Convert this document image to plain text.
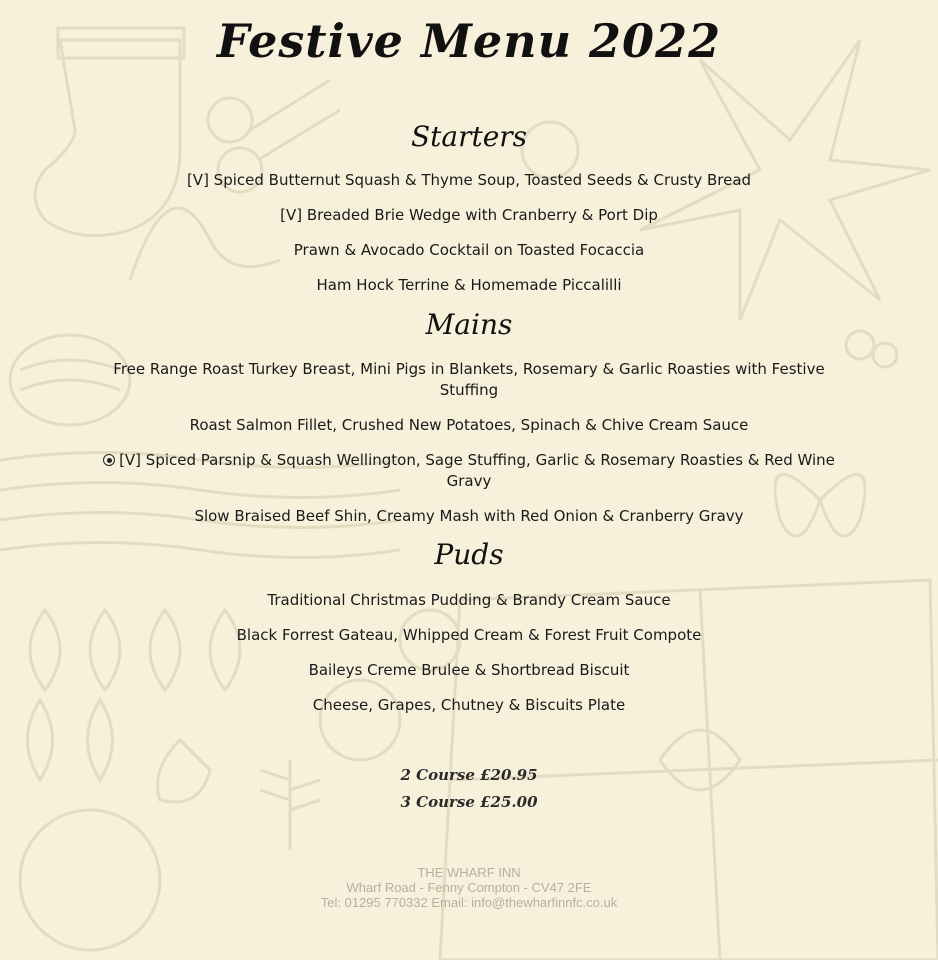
Festive Menu 2022
Starters
[V] Spiced Butternut Squash & Thyme Soup, Toasted Seeds & Crusty Bread
[V] Breaded Brie Wedge with Cranberry & Port Dip
Prawn & Avocado Cocktail on Toasted Focaccia
Ham Hock Terrine & Homemade Piccalilli
Mains
Free Range Roast Turkey Breast, Mini Pigs in Blankets, Rosemary & Garlic Roasties with Festive Stuffing
Roast Salmon Fillet, Crushed New Potatoes, Spinach & Chive Cream Sauce
[V] Spiced Parsnip & Squash Wellington, Sage Stuffing, Garlic & Rosemary Roasties & Red Wine Gravy
Slow Braised Beef Shin, Creamy Mash with Red Onion & Cranberry Gravy
Puds
Traditional Christmas Pudding & Brandy Cream Sauce
Black Forrest Gateau, Whipped Cream & Forest Fruit Compote
Baileys Creme Brulee & Shortbread Biscuit
Cheese, Grapes, Chutney & Biscuits Plate
2 Course £20.95
3 Course £25.00
THE WHARF INN
Wharf Road - Fenny Compton - CV47 2FE
Tel: 01295 770332 Email: info@thewharfinnfc.co.uk
